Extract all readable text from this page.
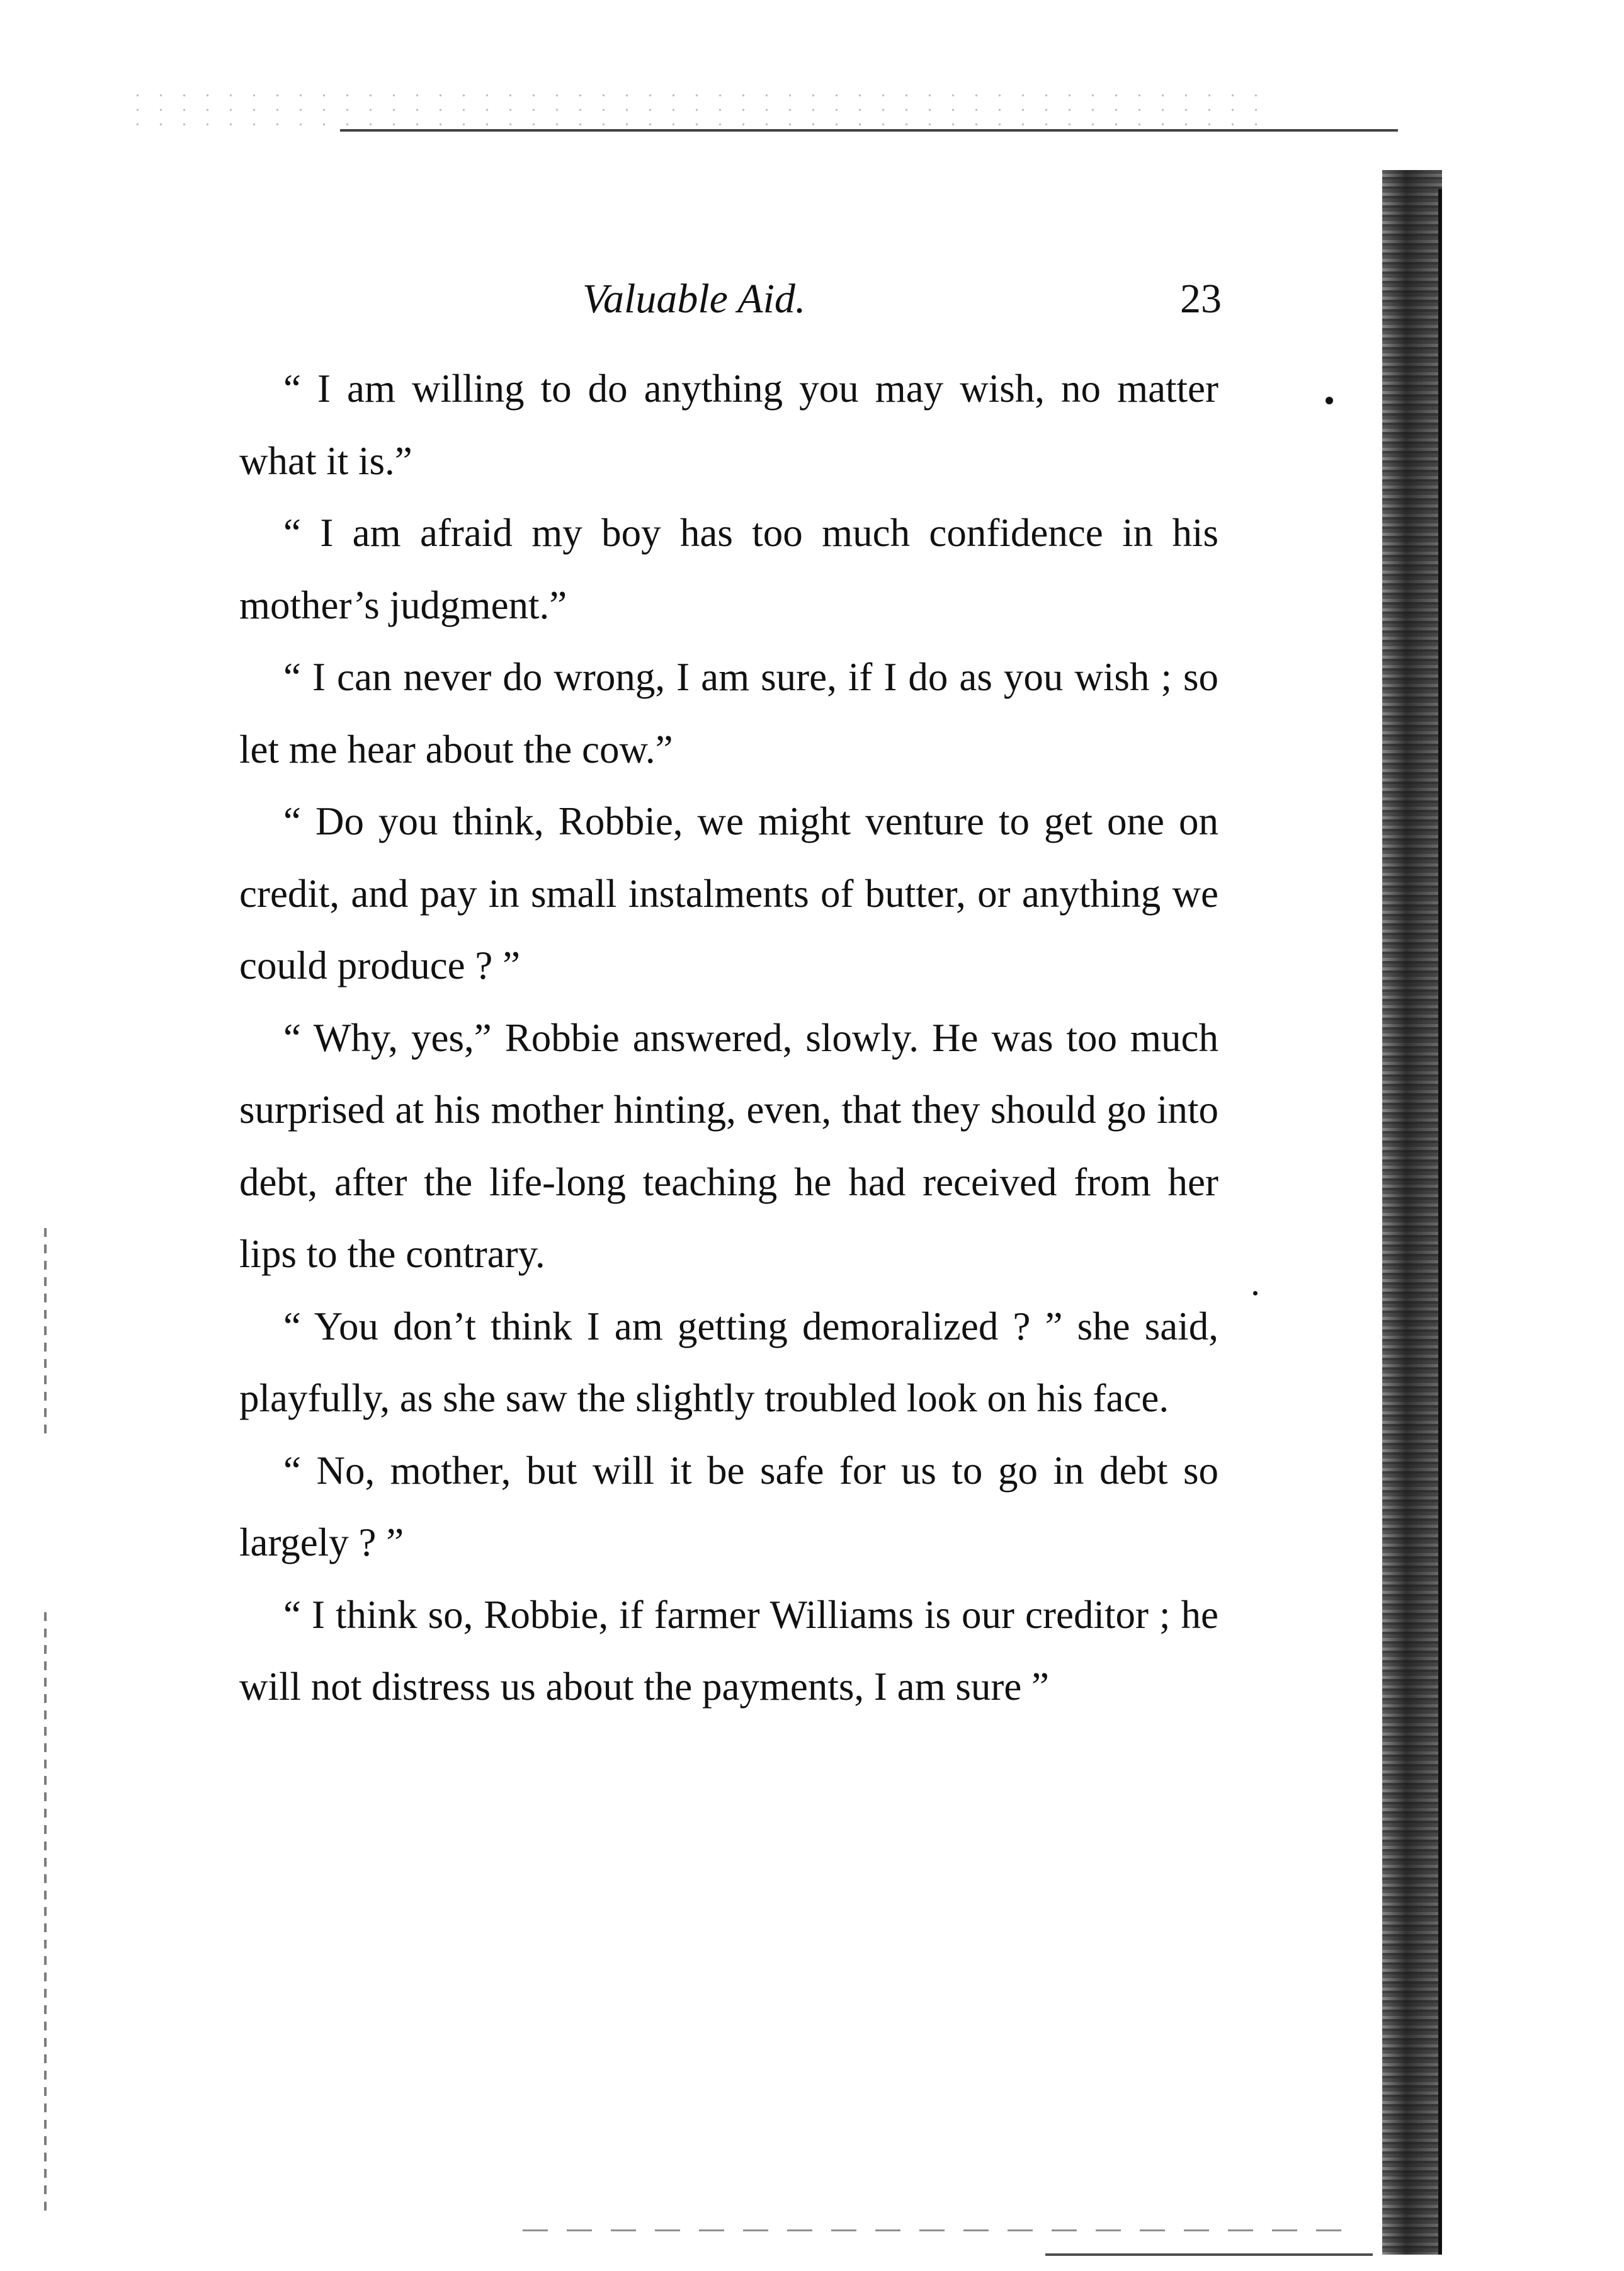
Valuable Aid.	23

“ I am willing to do anything you may wish, no matter what it is.”

“ I am afraid my boy has too much confidence in his mother’s judgment.”

“ I can never do wrong, I am sure, if I do as you wish ; so let me hear about the cow.”

“ Do you think, Robbie, we might venture to get one on credit, and pay in small instalments of butter, or anything we could produce ? ”

“ Why, yes,” Robbie answered, slowly. He was too much surprised at his mother hinting, even, that they should go into debt, after the life-long teaching he had received from her lips to the contrary.

“ You don’t think I am getting demoralized ? ” she said, playfully, as she saw the slightly troubled look on his face.

“ No, mother, but will it be safe for us to go in debt so largely ? ”

“ I think so, Robbie, if farmer Williams is our creditor ; he will not distress us about the payments, I am sure ”
